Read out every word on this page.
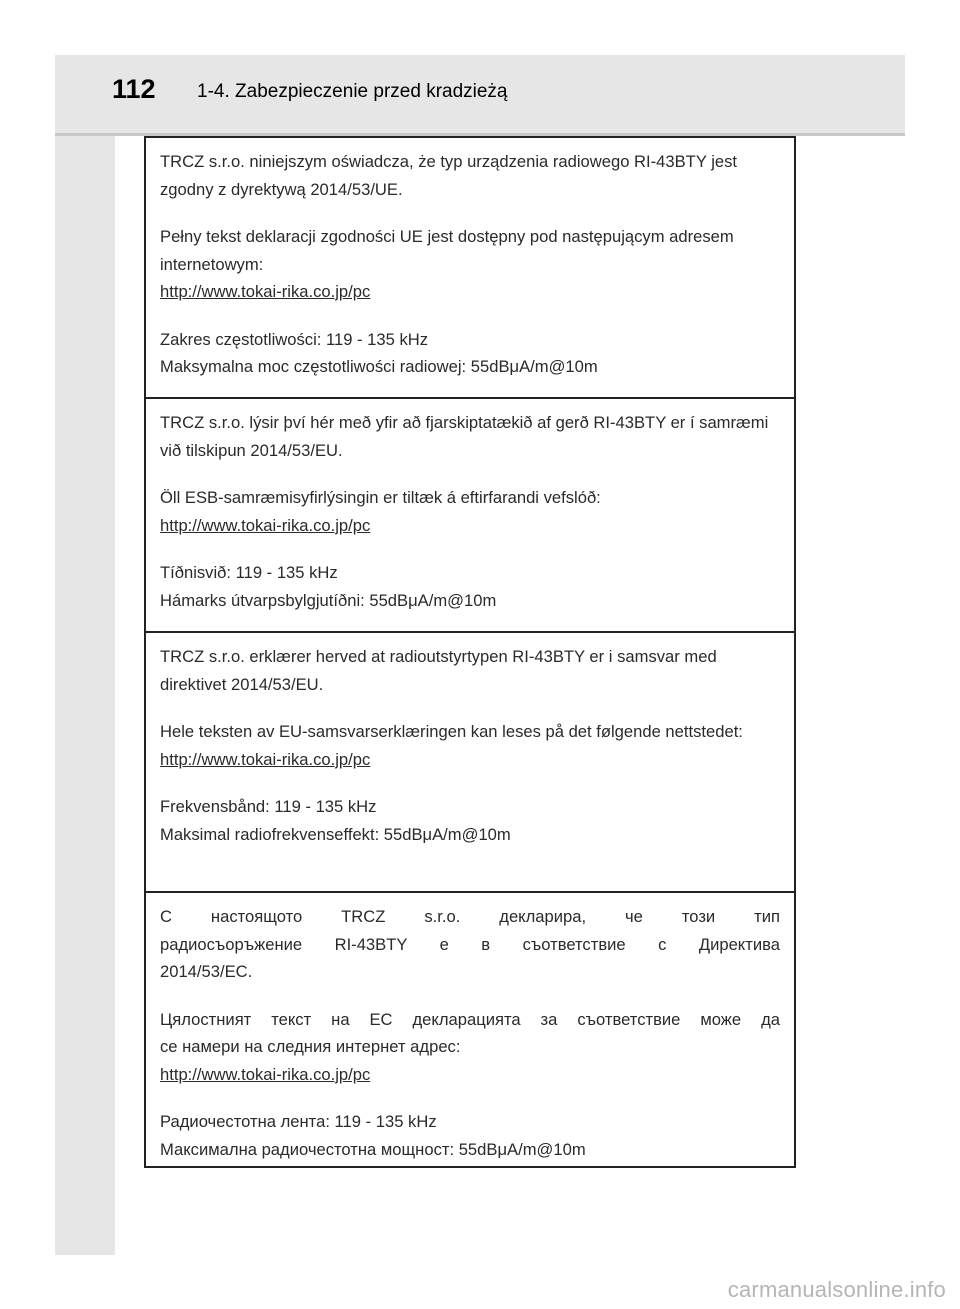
112 1-4. Zabezpieczenie przed kradzieżą

TRCZ s.r.o. niniejszym oświadcza, że typ urządzenia radiowego RI-43BTY jest zgodny z dyrektywą 2014/53/UE.

Pełny tekst deklaracji zgodności UE jest dostępny pod następującym adresem internetowym:

http://www.tokai-rika.co.jp/pc

Zakres częstotliwości: 119 - 135 kHz

Maksymalna moc częstotliwości radiowej: 55dBμA/m@10m

TRCZ s.r.o. lýsir því hér með yfir að fjarskiptatækið af gerð RI-43BTY er í samræmi við tilskipun 2014/53/EU.

Öll ESB-samræmisyfirlýsingin er tiltæk á eftirfarandi vefslóð:

http://www.tokai-rika.co.jp/pc

Tíðnisvið: 119 - 135 kHz

Hámarks útvarpsbylgjutíðni: 55dBμA/m@10m

TRCZ s.r.o. erklærer herved at radioutstyrtypen RI-43BTY er i samsvar med direktivet 2014/53/EU.

Hele teksten av EU-samsvarserklæringen kan leses på det følgende nettstedet:

http://www.tokai-rika.co.jp/pc

Frekvensbånd: 119 - 135 kHz

Maksimal radiofrekvenseffekt: 55dBμA/m@10m

С настоящото TRCZ s.r.o. декларира, че този тип
радиосъоръжение RI-43BTY е в съответствие с Директива
2014/53/ЕС.
Цялостният текст на ЕС декларацията за съответствие може да
се намери на следния интернет адрес:
http://www.tokai-rika.co.jp/pc

Радиочестотна лента: 119 - 135 kHz

Максимална радиочестотна мощност: 55dBμA/m@10m

carmanualsonline.info
